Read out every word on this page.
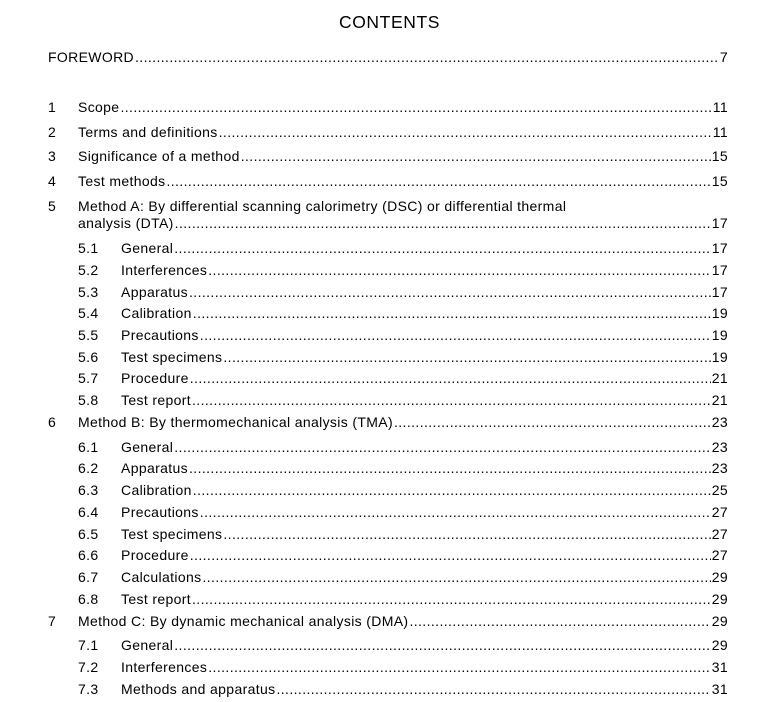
CONTENTS
FOREWORD .....	7
1 Scope .....	11
2 Terms and definitions .....	11
3 Significance of a method .....	15
4 Test methods .....	15
5 Method A: By differential scanning calorimetry (DSC) or differential thermal
analysis (DTA) .....	17
5.1 General .....	17
5.2 Interferences .....	17
5.3 Apparatus .....	17
5.4 Calibration .....	19
5.5 Precautions .....	19
5.6 Test specimens .....	19
5.7 Procedure .....	21
5.8 Test report .....	21
6 Method B: By thermomechanical analysis (TMA) .....	23
6.1 General .....	23
6.2 Apparatus .....	23
6.3 Calibration .....	25
6.4 Precautions .....	27
6.5 Test specimens .....	27
6.6 Procedure .....	27
6.7 Calculations .....	29
6.8 Test report .....	29
7 Method C: By dynamic mechanical analysis (DMA) .....	29
7.1 General .....	29
7.2 Interferences .....	31
7.3 Methods and apparatus .....	31
